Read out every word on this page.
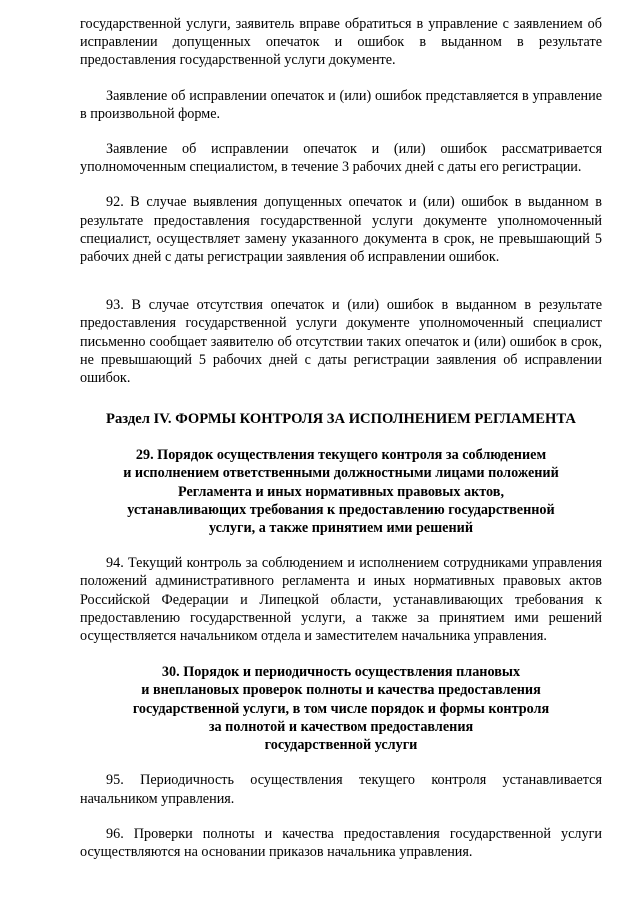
государственной услуги, заявитель вправе обратиться в управление с заявлением об исправлении допущенных опечаток и ошибок в выданном в результате предоставления государственной услуги документе.

Заявление об исправлении опечаток и (или) ошибок представляется в управление в произвольной форме.

Заявление об исправлении опечаток и (или) ошибок рассматривается уполномоченным специалистом, в течение 3 рабочих дней с даты его регистрации.

92. В случае выявления допущенных опечаток и (или) ошибок в выданном в результате предоставления государственной услуги документе уполномоченный специалист, осуществляет замену указанного документа в срок, не превышающий 5 рабочих дней с даты регистрации заявления об исправлении ошибок.

93. В случае отсутствия опечаток и (или) ошибок в выданном в результате предоставления государственной услуги документе уполномоченный специалист письменно сообщает заявителю об отсутствии таких опечаток и (или) ошибок в срок, не превышающий 5 рабочих дней с даты регистрации заявления об исправлении ошибок.

Раздел IV. ФОРМЫ КОНТРОЛЯ ЗА ИСПОЛНЕНИЕМ РЕГЛАМЕНТА
29. Порядок осуществления текущего контроля за соблюдением
и исполнением ответственными должностными лицами положений
Регламента и иных нормативных правовых актов,
устанавливающих требования к предоставлению государственной
услуги, а также принятием ими решений

94. Текущий контроль за соблюдением и исполнением сотрудниками управления положений административного регламента и иных нормативных правовых актов Российской Федерации и Липецкой области, устанавливающих требования к предоставлению государственной услуги, а также за принятием ими решений осуществляется начальником отдела и заместителем начальника управления.

30. Порядок и периодичность осуществления плановых
и внеплановых проверок полноты и качества предоставления
государственной услуги, в том числе порядок и формы контроля
за полнотой и качеством предоставления
государственной услуги

95. Периодичность осуществления текущего контроля устанавливается начальником управления.

96. Проверки полноты и качества предоставления государственной услуги осуществляются на основании приказов начальника управления.
